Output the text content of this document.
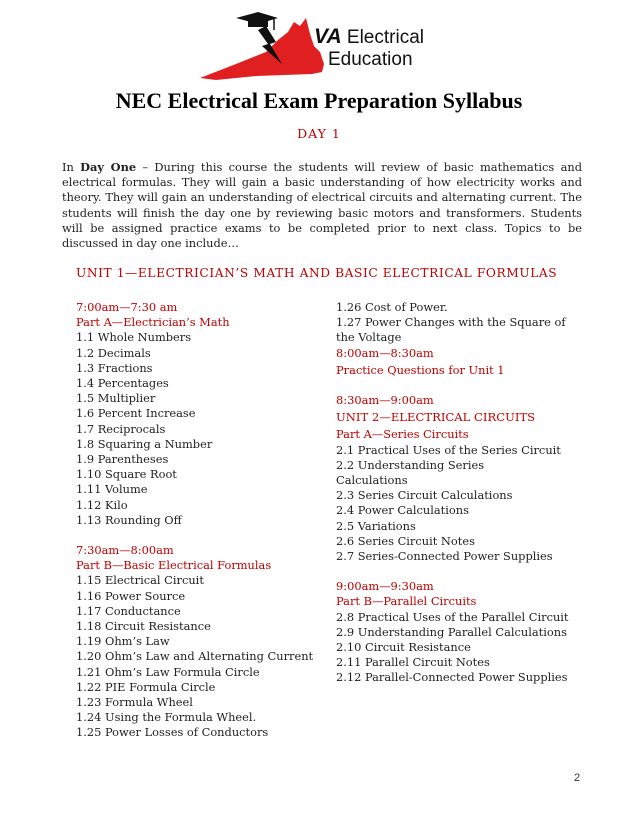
VA Electrical
Education
NEC Electrical Exam Preparation Syllabus
DAY 1

In Day One – During this course the students will review of basic mathematics and electrical formulas. They will gain a basic understanding of how electricity works and theory. They will gain an understanding of electrical circuits and alternating current. The students will finish the day one by reviewing basic motors and transformers. Students will be assigned practice exams to be completed prior to next class. Topics to be discussed in day one include…

UNIT 1—ELECTRICIAN’S MATH AND BASIC ELECTRICAL FORMULAS
7:00am—7:30 am
Part A—Electrician’s Math
1.1 Whole Numbers
1.2 Decimals
1.3 Fractions
1.4 Percentages
1.5 Multiplier
1.6 Percent Increase
1.7 Reciprocals
1.8 Squaring a Number
1.9 Parentheses
1.10 Square Root
1.11 Volume
1.12 Kilo
1.13 Rounding Off
7:30am—8:00am
Part B—Basic Electrical Formulas
1.15 Electrical Circuit
1.16 Power Source
1.17 Conductance
1.18 Circuit Resistance
1.19 Ohm’s Law
1.20 Ohm’s Law and Alternating Current
1.21 Ohm’s Law Formula Circle
1.22 PIE Formula Circle
1.23 Formula Wheel
1.24 Using the Formula Wheel.
1.25 Power Losses of Conductors
1.26 Cost of Power.
1.27 Power Changes with the Square of
the Voltage
8:00am—8:30am
Practice Questions for Unit 1
8:30am—9:00am
UNIT 2—ELECTRICAL CIRCUITS
Part A—Series Circuits
2.1 Practical Uses of the Series Circuit
2.2 Understanding Series
Calculations
2.3 Series Circuit Calculations
2.4 Power Calculations
2.5 Variations
2.6 Series Circuit Notes
2.7 Series-Connected Power Supplies
9:00am—9:30am
Part B—Parallel Circuits
2.8 Practical Uses of the Parallel Circuit
2.9 Understanding Parallel Calculations
2.10 Circuit Resistance
2.11 Parallel Circuit Notes
2.12 Parallel-Connected Power Supplies
2
